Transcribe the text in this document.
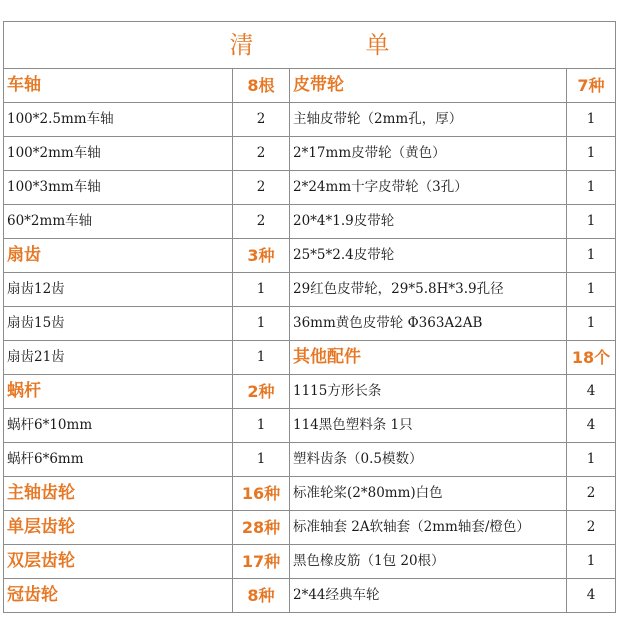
清 单			
车轴	8根	皮带轮	7种
100*2.5mm车轴	2	主轴皮带轮（2mm孔，厚）	1
100*2mm车轴	2	2*17mm皮带轮（黄色）	1
100*3mm车轴	2	2*24mm十字皮带轮（3孔）	1
60*2mm车轴	2	20*4*1.9皮带轮	1
扇齿	3种	25*5*2.4皮带轮	1
扇齿12齿	1	29红色皮带轮，29*5.8H*3.9孔径	1
扇齿15齿	1	36mm黄色皮带轮 Φ363A2AB	1
扇齿21齿	1	其他配件	18个
蜗杆	2种	1115方形长条	4
蜗杆6*10mm	1	114黑色塑料条 1只	4
蜗杆6*6mm	1	塑料齿条（0.5模数）	1
主轴齿轮	16种	标准轮桨(2*80mm)白色	2
单层齿轮	28种	标准轴套 2A软轴套（2mm轴套/橙色）	2
双层齿轮	17种	黑色橡皮筋（1包 20根）	1
冠齿轮	8种	2*44经典车轮	4
